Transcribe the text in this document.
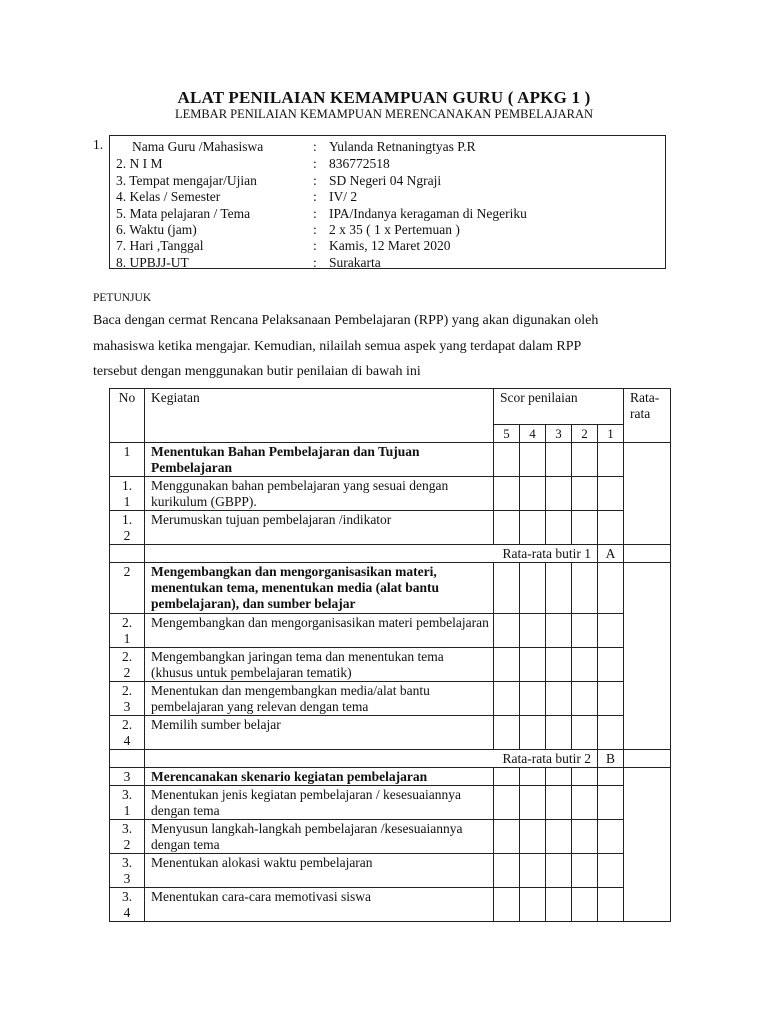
ALAT PENILAIAN KEMAMPUAN GURU ( APKG 1 )
LEMBAR PENILAIAN KEMAMPUAN MERENCANAKAN PEMBELAJARAN
1. Nama Guru /Mahasiswa	: Yulanda Retnaningtyas P.R
2. N I M	: 836772518
3. Tempat mengajar/Ujian	: SD Negeri 04 Ngraji
4. Kelas / Semester	: IV/ 2
5. Mata pelajaran / Tema	: IPA/Indanya keragaman di Negeriku
6. Waktu (jam)	: 2 x 35 ( 1 x Pertemuan )
7. Hari ,Tanggal	: Kamis, 12 Maret 2020
8. UPBJJ-UT	: Surakarta
PETUNJUK
Baca dengan cermat Rencana Pelaksanaan Pembelajaran (RPP) yang akan digunakan oleh
mahasiswa ketika mengajar. Kemudian, nilailah semua aspek yang terdapat dalam RPP
tersebut dengan menggunakan butir penilaian di bawah ini
No	Kegiatan	Scor penilaian					Rata-
rata

		5	4	3	2	1	
1	Menentukan Bahan Pembelajaran dan Tujuan Pembelajaran						

1.
1	Menggunakan bahan pembelajaran yang sesuai dengan kurikulum (GBPP).						

1.
2	Merumuskan tujuan pembelajaran /indikator						
	Rata-rata butir 1					A	
2	Mengembangkan dan mengorganisasikan materi, menentukan tema, menentukan media (alat bantu pembelajaran), dan sumber belajar						

2.
1	Mengembangkan dan mengorganisasikan materi pembelajaran						

2.
2	Mengembangkan jaringan tema dan menentukan tema (khusus untuk pembelajaran tematik)						

2.
3	Menentukan dan mengembangkan media/alat bantu pembelajaran yang relevan dengan tema						

2.
4	Memilih sumber belajar						
	Rata-rata butir 2					B	
3	Merencanakan skenario kegiatan pembelajaran						

3.
1	Menentukan jenis kegiatan pembelajaran / kesesuaiannya dengan tema						

3.
2	Menyusun langkah-langkah pembelajaran /kesesuaiannya dengan tema						

3.
3	Menentukan alokasi waktu pembelajaran						

3.
4	Menentukan cara-cara memotivasi siswa						
